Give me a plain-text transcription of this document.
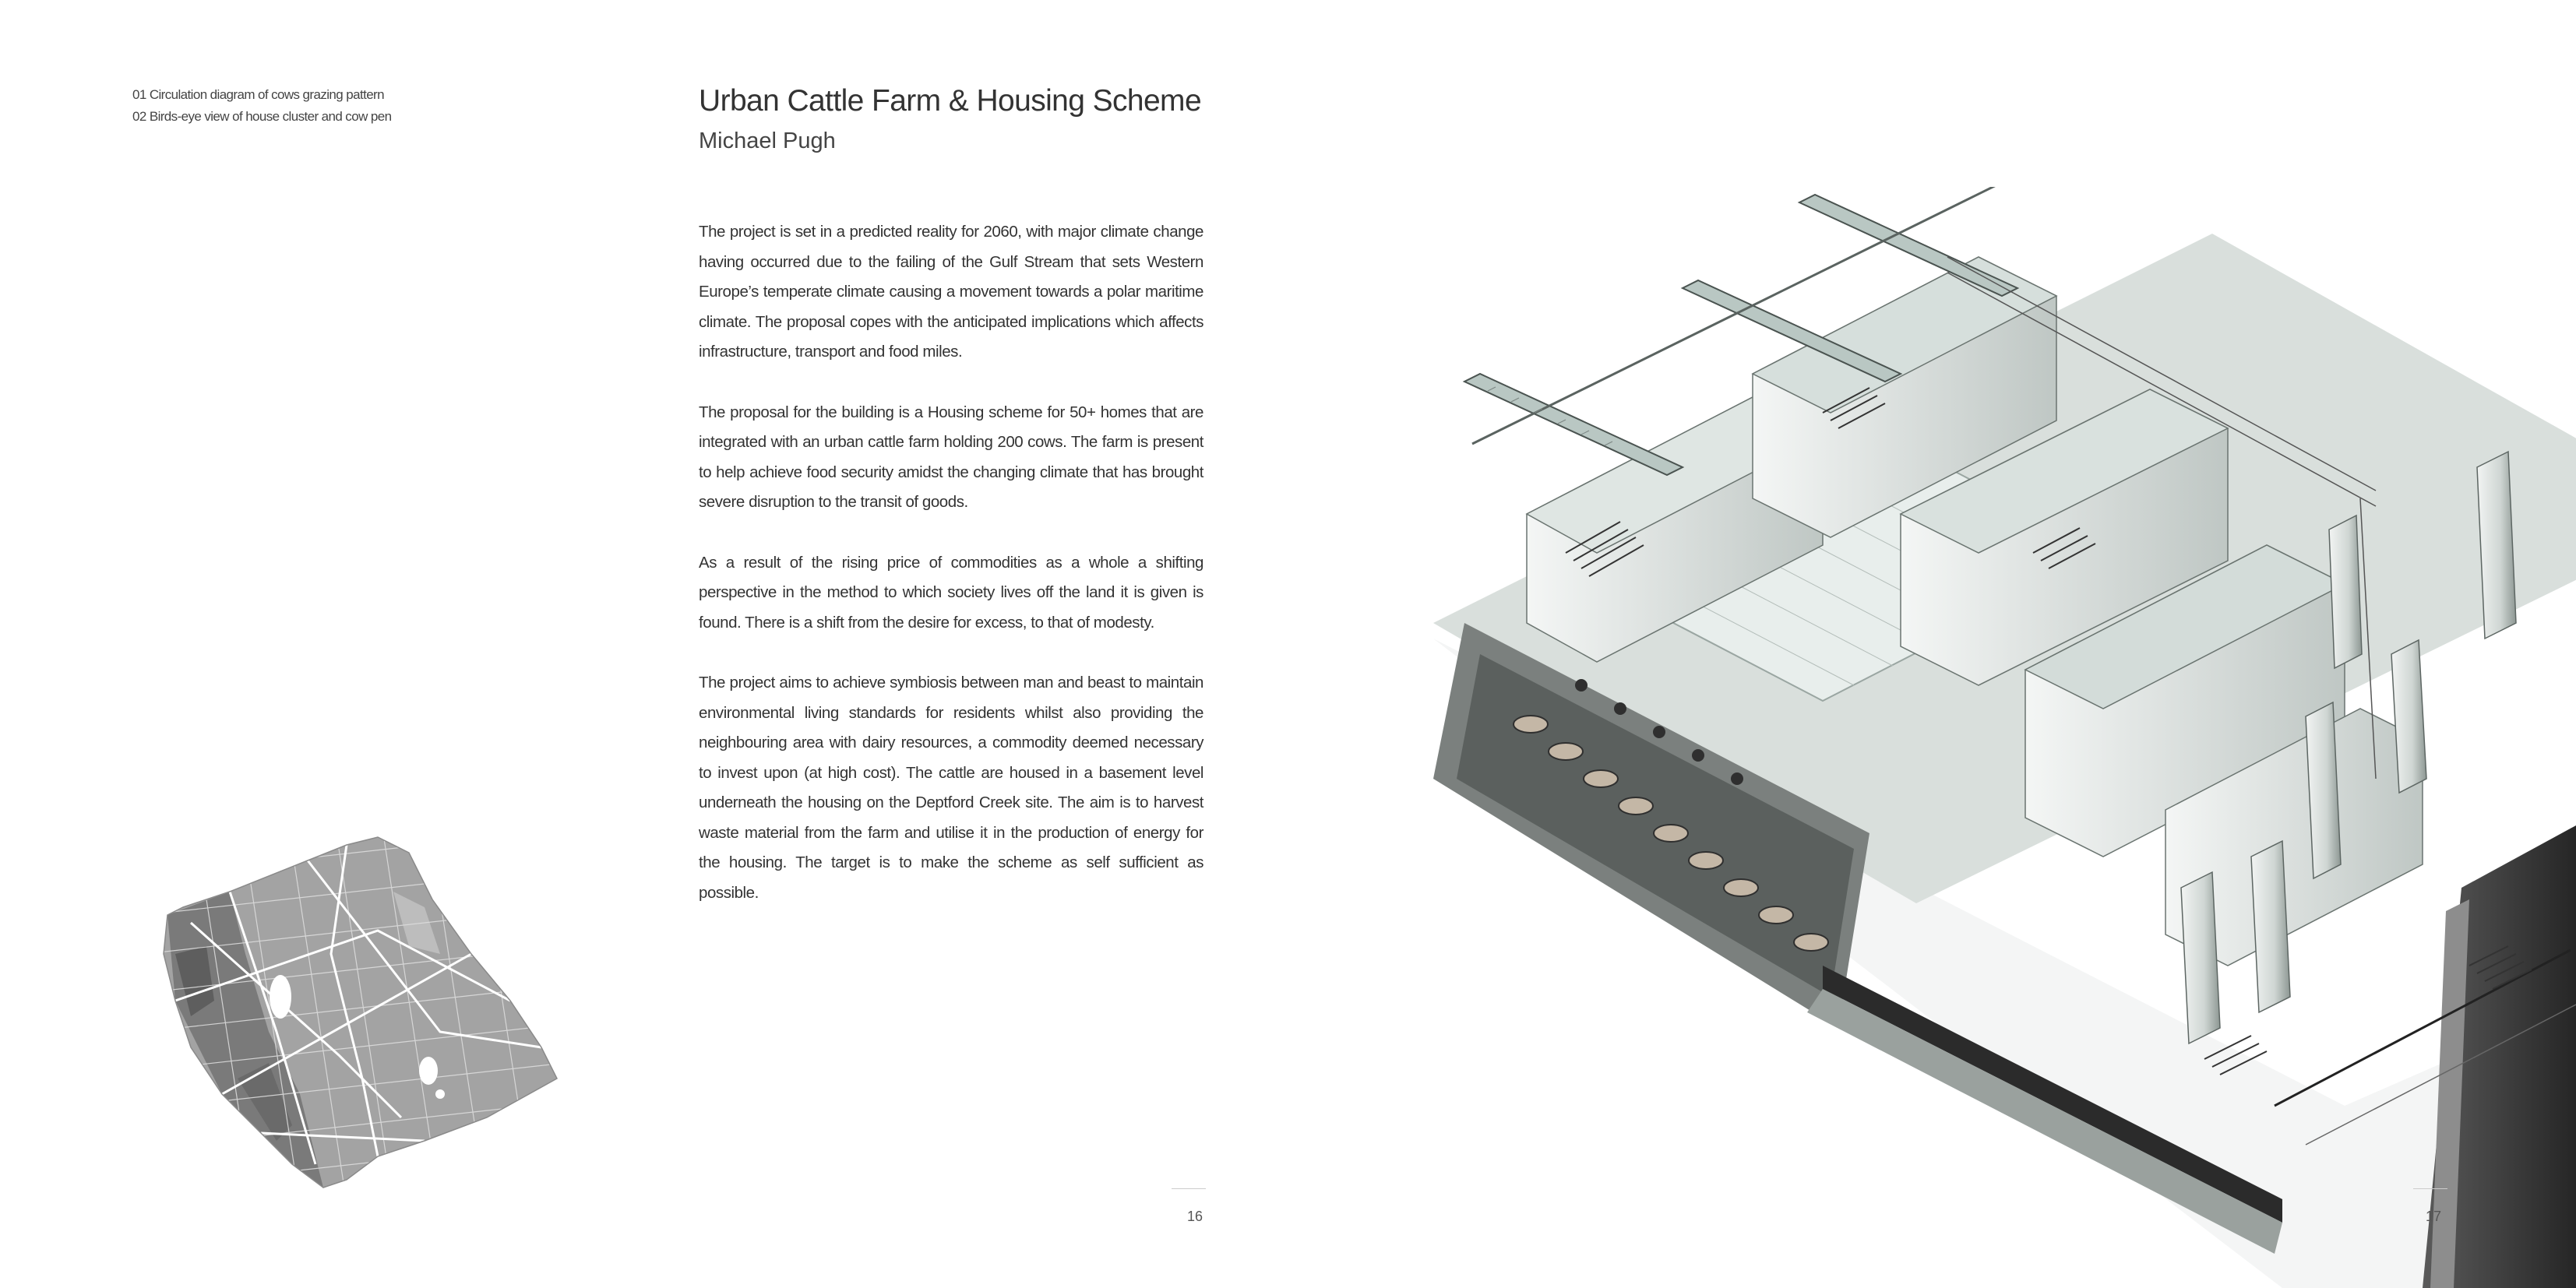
01 Circulation diagram of cows grazing pattern
02 Birds-eye view of house cluster and cow pen	Urban Cattle Farm & Housing Scheme
Michael Pugh

The project is set in a predicted reality for 2060, with major climate change having occurred due to the failing of the Gulf Stream that sets Western Europe’s temperate climate causing a movement towards a polar maritime climate. The proposal copes with the anticipated implications which affects infrastructure, transport and food miles.

The proposal for the building is a Housing scheme for 50+ homes that are integrated with an urban cattle farm holding 200 cows. The farm is present to help achieve food security amidst the changing climate that has brought severe disruption to the transit of goods.

As a result of the rising price of commodities as a whole a shifting perspective in the method to which society lives off the land it is given is found. There is a shift from the desire for excess, to that of modesty.

The project aims to achieve symbiosis between man and beast to maintain environmental living standards for residents whilst also providing the neighbouring area with dairy resources, a commodity deemed necessary to invest upon (at high cost). The cattle are housed in a basement level underneath the housing on the Deptford Creek site. The aim is to harvest waste material from the farm and utilise it in the production of energy for the housing. The target is to make the scheme as self sufficient as possible.

16	17
